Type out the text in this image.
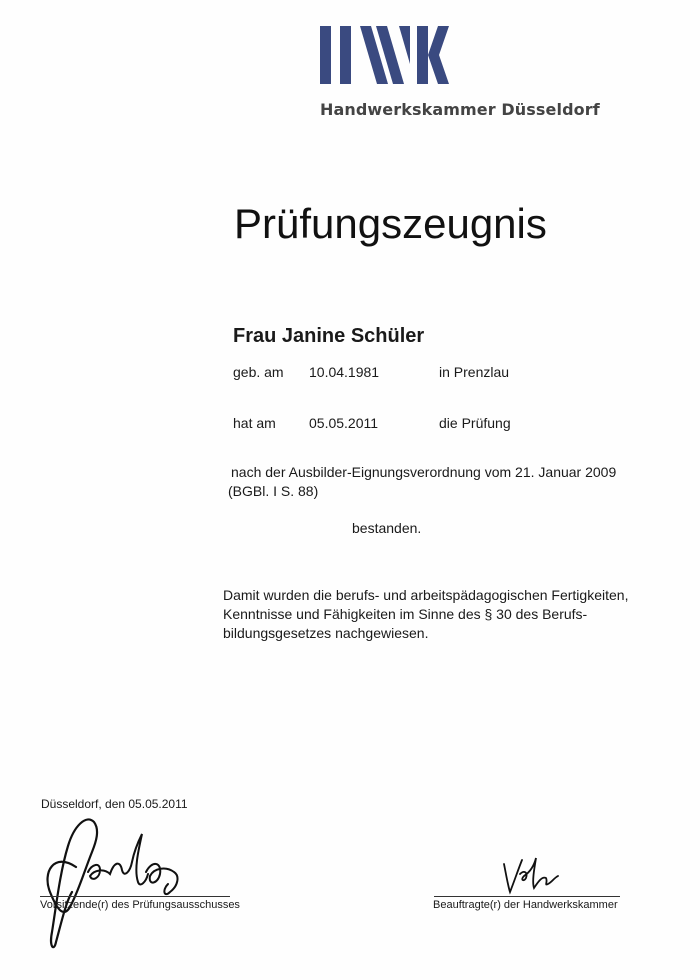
Handwerkskammer Düsseldorf
Prüfungszeugnis
Frau Janine Schüler
geb. am 10.04.1981	in Prenzlau
hat am 05.05.2011	die Prüfung
nach der Ausbilder-Eignungsverordnung vom 21. Januar 2009
(BGBl. I S. 88)
bestanden.
Damit wurden die berufs- und arbeitspädagogischen Fertigkeiten,
Kenntnisse und Fähigkeiten im Sinne des § 30 des Berufs-
bildungsgesetzes nachgewiesen.
Düsseldorf, den 05.05.2011
Vorsitzende(r) des Prüfungsausschusses	Beauftragte(r) der Handwerkskammer
